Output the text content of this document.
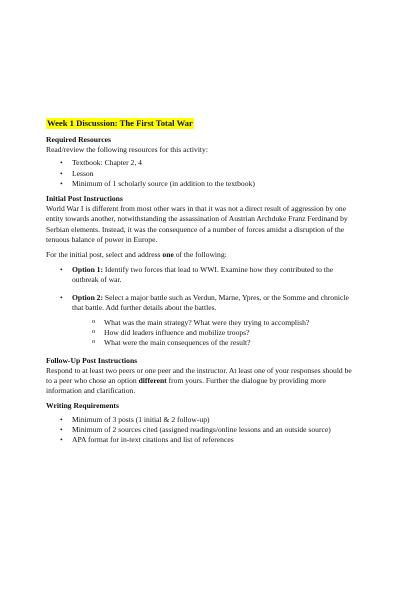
Week 1 Discussion: The First Total War

Required Resources

Read/review the following resources for this activity:

• Textbook: Chapter 2, 4
• Lesson
• Minimum of 1 scholarly source (in addition to the textbook)

Initial Post Instructions

World War I is different from most other wars in that it was not a direct result of aggression by one entity towards another, notwithstanding the assassination of Austrian Archduke Franz Ferdinand by Serbian elements. Instead, it was the consequence of a number of forces amidst a disruption of the tenuous balance of power in Europe.

For the initial post, select and address one of the following:

• Option 1: Identify two forces that lead to WWI. Examine how they contributed to the outbreak of war.
• Option 2: Select a major battle such as Verdun, Marne, Ypres, or the Somme and chronicle that battle. Add further details about the battles.
o What was the main strategy? What were they trying to accomplish?
o How did leaders influence and mobilize troops?
o What were the main consequences of the result?

Follow-Up Post Instructions

Respond to at least two peers or one peer and the instructor. At least one of your responses should be to a peer who chose an option different from yours. Further the dialogue by providing more information and clarification.

Writing Requirements

• Minimum of 3 posts (1 initial & 2 follow-up)
• Minimum of 2 sources cited (assigned readings/online lessons and an outside source)
• APA format for in-text citations and list of references
